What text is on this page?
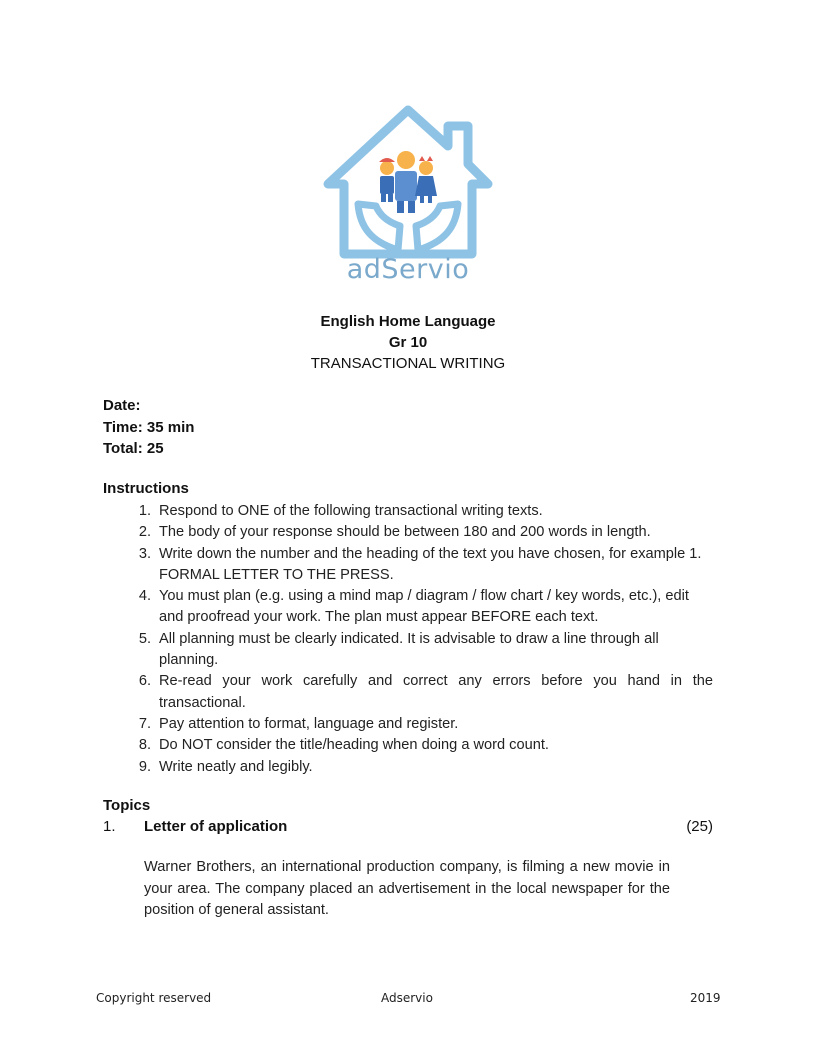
adServio
English Home Language
Gr 10
TRANSACTIONAL WRITING
Date:
Time: 35 min
Total: 25
Instructions
1. Respond to ONE of the following transactional writing texts.
2. The body of your response should be between 180 and 200 words in length.
3. Write down the number and the heading of the text you have chosen, for example 1. FORMAL LETTER TO THE PRESS.
4. You must plan (e.g. using a mind map / diagram / flow chart / key words, etc.), edit and proofread your work. The plan must appear BEFORE each text.
5. All planning must be clearly indicated. It is advisable to draw a line through all planning.
6. Re-read your work carefully and correct any errors before you hand in the transactional.
7. Pay attention to format, language and register.
8. Do NOT consider the title/heading when doing a word count.
9. Write neatly and legibly.
Topics
1. Letter of application	(25)
Warner Brothers, an international production company, is filming a new movie in your area. The company placed an advertisement in the local newspaper for the position of general assistant.
Copyright reserved	Adservio	2019
